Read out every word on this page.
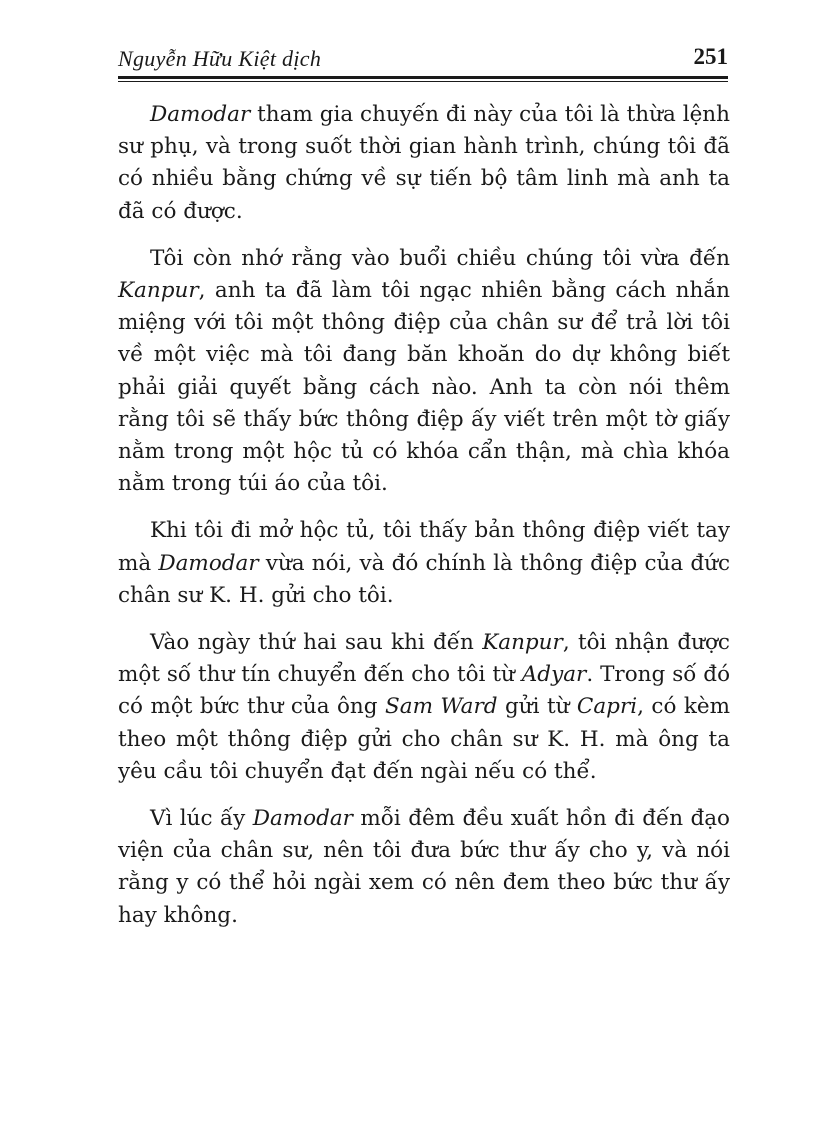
Nguyễn Hữu Kiệt dịch	251

Damodar tham gia chuyến đi này của tôi là thừa lệnh sư phụ, và trong suốt thời gian hành trình, chúng tôi đã có nhiều bằng chứng về sự tiến bộ tâm linh mà anh ta đã có được.

Tôi còn nhớ rằng vào buổi chiều chúng tôi vừa đến Kanpur, anh ta đã làm tôi ngạc nhiên bằng cách nhắn miệng với tôi một thông điệp của chân sư để trả lời tôi về một việc mà tôi đang băn khoăn do dự không biết phải giải quyết bằng cách nào. Anh ta còn nói thêm rằng tôi sẽ thấy bức thông điệp ấy viết trên một tờ giấy nằm trong một hộc tủ có khóa cẩn thận, mà chìa khóa nằm trong túi áo của tôi.

Khi tôi đi mở hộc tủ, tôi thấy bản thông điệp viết tay mà Damodar vừa nói, và đó chính là thông điệp của đức chân sư K. H. gửi cho tôi.

Vào ngày thứ hai sau khi đến Kanpur, tôi nhận được một số thư tín chuyển đến cho tôi từ Adyar. Trong số đó có một bức thư của ông Sam Ward gửi từ Capri, có kèm theo một thông điệp gửi cho chân sư K. H. mà ông ta yêu cầu tôi chuyển đạt đến ngài nếu có thể.

Vì lúc ấy Damodar mỗi đêm đều xuất hồn đi đến đạo viện của chân sư, nên tôi đưa bức thư ấy cho y, và nói rằng y có thể hỏi ngài xem có nên đem theo bức thư ấy hay không.
